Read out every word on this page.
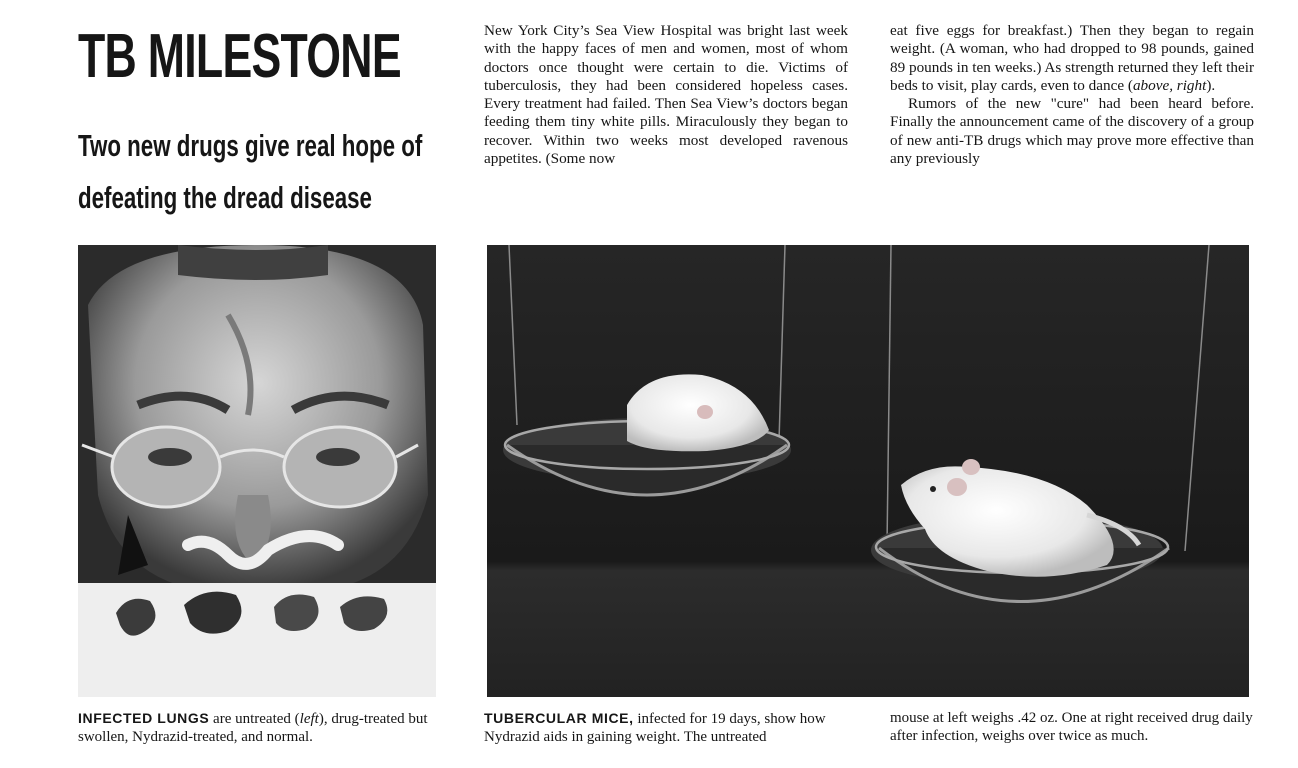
TB MILESTONE

Two new drugs give real hope of defeating the dread disease

New York City’s Sea View Hospital was bright last week with the happy faces of men and women, most of whom doctors once thought were certain to die. Victims of tuberculosis, they had been considered hopeless cases. Every treatment had failed. Then Sea View’s doctors began feeding them tiny white pills. Miraculously they began to recover. Within two weeks most developed ravenous appetites. (Some now

eat five eggs for breakfast.) Then they began to regain weight. (A woman, who had dropped to 98 pounds, gained 89 pounds in ten weeks.) As strength returned they left their beds to visit, play cards, even to dance (above, right).
Rumors of the new "cure" had been heard before. Finally the announcement came of the discovery of a group of new anti-TB drugs which may prove more effective than any previously

INFECTED LUNGS are untreated (left), drug-treated but swollen, Nydrazid-treated, and normal.

TUBERCULAR MICE, infected for 19 days, show how Nydrazid aids in gaining weight. The untreated

mouse at left weighs .42 oz. One at right received drug daily after infection, weighs over twice as much.
